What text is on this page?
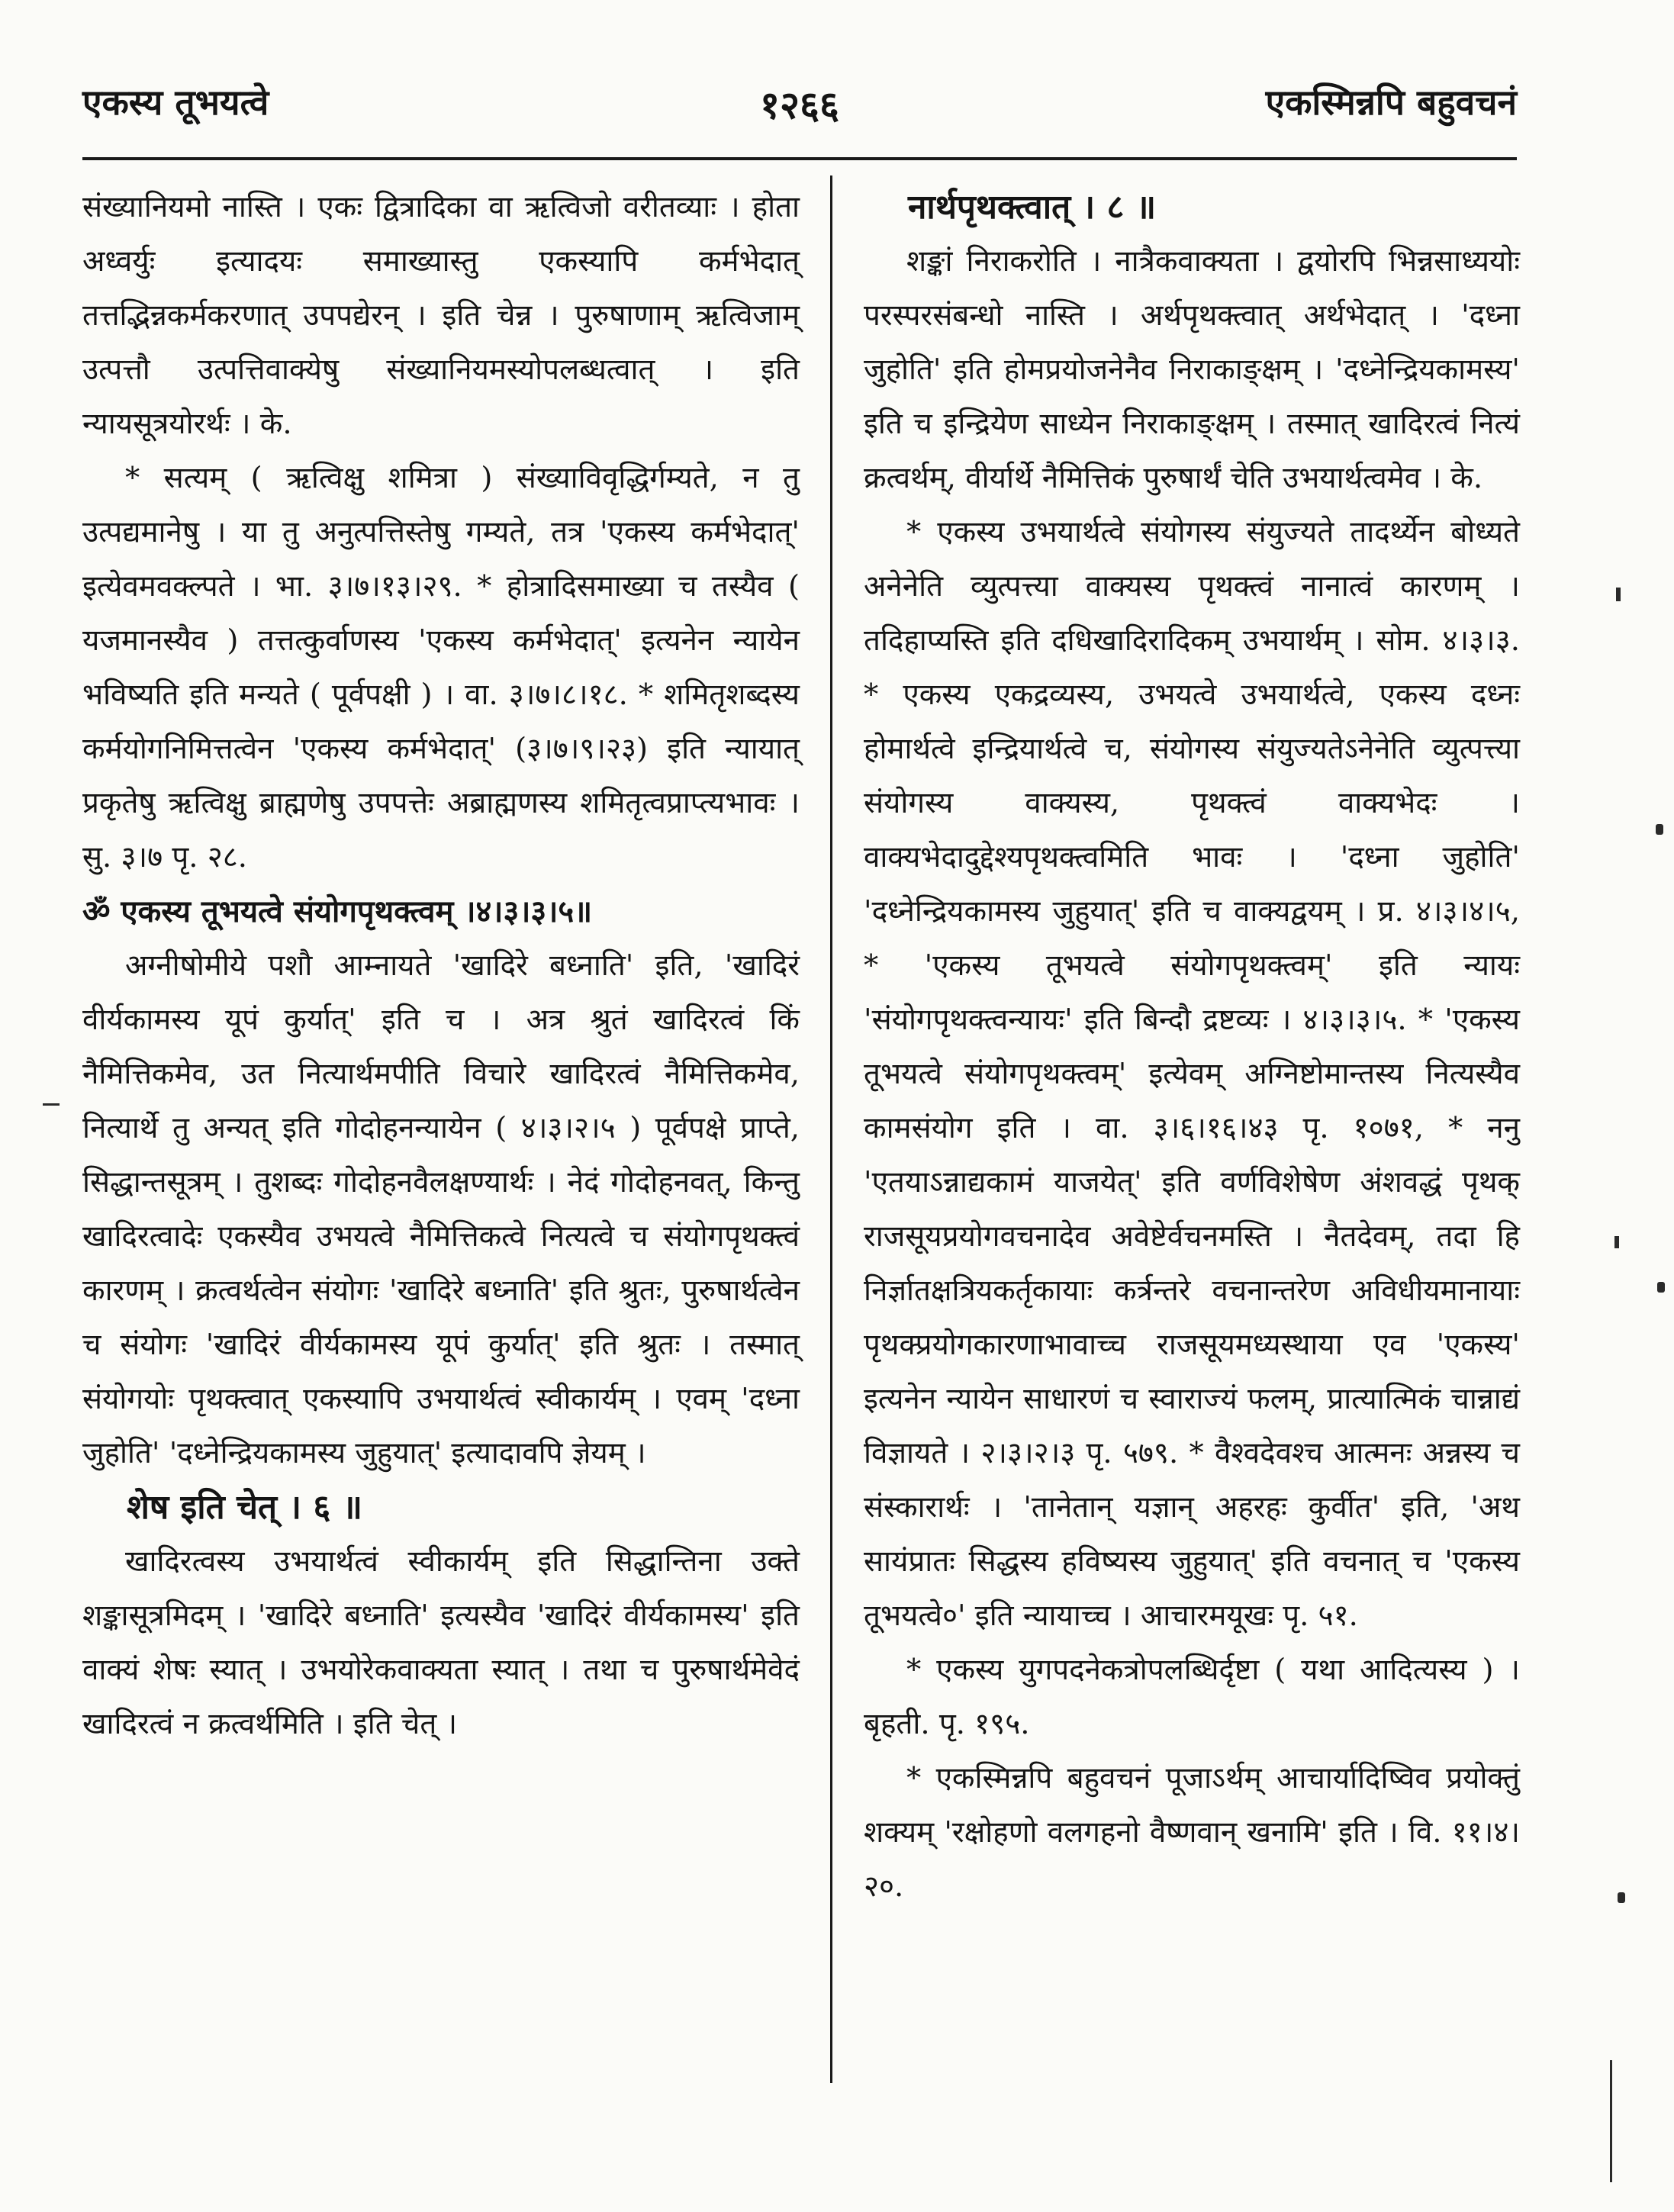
एकस्य तूभयत्वे	१२६६	एकस्मिन्नपि बहुवचनं

संख्यानियमो नास्ति । एकः द्वित्रादिका वा ऋत्विजो वरीतव्याः । होता अध्वर्युः इत्यादयः समाख्यास्तु एकस्यापि कर्मभेदात् तत्तद्भिन्नकर्मकरणात् उपपद्येरन् । इति चेन्न । पुरुषाणाम् ऋत्विजाम् उत्पत्तौ उत्पत्तिवाक्येषु संख्यानियमस्योपलब्धत्वात् । इति न्यायसूत्रयोरर्थः । के.

* सत्यम् ( ऋत्विक्षु शमित्रा ) संख्याविवृद्धिर्गम्यते, न तु उत्पद्यमानेषु । या तु अनुत्पत्तिस्तेषु गम्यते, तत्र 'एकस्य कर्मभेदात्' इत्येवमवक्ल्पते । भा. ३।७।१३।२९. * होत्रादिसमाख्या च तस्यैव ( यजमानस्यैव ) तत्तत्कुर्वाणस्य 'एकस्य कर्मभेदात्' इत्यनेन न्यायेन भविष्यति इति मन्यते ( पूर्वपक्षी ) । वा. ३।७।८।१८. * शमितृशब्दस्य कर्मयोगनिमित्तत्वेन 'एकस्य कर्मभेदात्' (३।७।९।२३) इति न्यायात् प्रकृतेषु ऋत्विक्षु ब्राह्मणेषु उपपत्तेः अब्राह्मणस्य शमितृत्वप्राप्त्यभावः । सु. ३।७ पृ. २८.

ॐ एकस्य तूभयत्वे संयोगपृथक्त्वम् ।४।३।३।५॥

अग्नीषोमीये पशौ आम्नायते 'खादिरे बध्नाति' इति, 'खादिरं वीर्यकामस्य यूपं कुर्यात्' इति च । अत्र श्रुतं खादिरत्वं किं नैमित्तिकमेव, उत नित्यार्थमपीति विचारे खादिरत्वं नैमित्तिकमेव, नित्यार्थे तु अन्यत् इति गोदोहनन्यायेन ( ४।३।२।५ ) पूर्वपक्षे प्राप्ते, सिद्धान्तसूत्रम् । तुशब्दः गोदोहनवैलक्षण्यार्थः । नेदं गोदोहनवत्, किन्तु खादिरत्वादेः एकस्यैव उभयत्वे नैमित्तिकत्वे नित्यत्वे च संयोगपृथक्त्वं कारणम् । क्रत्वर्थत्वेन संयोगः 'खादिरे बध्नाति' इति श्रुतः, पुरुषार्थत्वेन च संयोगः 'खादिरं वीर्यकामस्य यूपं कुर्यात्' इति श्रुतः । तस्मात् संयोगयोः पृथक्त्वात् एकस्यापि उभयार्थत्वं स्वीकार्यम् । एवम् 'दध्ना जुहोति' 'दध्नेन्द्रियकामस्य जुहुयात्' इत्यादावपि ज्ञेयम् ।

शेष इति चेत् । ६ ॥

खादिरत्वस्य उभयार्थत्वं स्वीकार्यम् इति सिद्धान्तिना उक्ते शङ्कासूत्रमिदम् । 'खादिरे बध्नाति' इत्यस्यैव 'खादिरं वीर्यकामस्य' इति वाक्यं शेषः स्यात् । उभयोरेकवाक्यता स्यात् । तथा च पुरुषार्थमेवेदं खादिरत्वं न क्रत्वर्थमिति । इति चेत् ।

नार्थपृथक्त्वात् । ८ ॥

शङ्कां निराकरोति । नात्रैकवाक्यता । द्वयोरपि भिन्नसाध्ययोः परस्परसंबन्धो नास्ति । अर्थपृथक्त्वात् अर्थभेदात् । 'दध्ना जुहोति' इति होमप्रयोजनेनैव निराकाङ्क्षम् । 'दध्नेन्द्रियकामस्य' इति च इन्द्रियेण साध्येन निराकाङ्क्षम् । तस्मात् खादिरत्वं नित्यं क्रत्वर्थम्, वीर्यार्थे नैमित्तिकं पुरुषार्थं चेति उभयार्थत्वमेव । के.

* एकस्य उभयार्थत्वे संयोगस्य संयुज्यते तादर्थ्येन बोध्यते अनेनेति व्युत्पत्त्या वाक्यस्य पृथक्त्वं नानात्वं कारणम् । तदिहाप्यस्ति इति दधिखादिरादिकम् उभयार्थम् । सोम. ४।३।३. * एकस्य एकद्रव्यस्य, उभयत्वे उभयार्थत्वे, एकस्य दध्नः होमार्थत्वे इन्द्रियार्थत्वे च, संयोगस्य संयुज्यतेऽनेनेति व्युत्पत्त्या संयोगस्य वाक्यस्य, पृथक्त्वं वाक्यभेदः । वाक्यभेदादुद्देश्यपृथक्त्वमिति भावः । 'दध्ना जुहोति' 'दध्नेन्द्रियकामस्य जुहुयात्' इति च वाक्यद्वयम् । प्र. ४।३।४।५, * 'एकस्य तूभयत्वे संयोगपृथक्त्वम्' इति न्यायः 'संयोगपृथक्त्वन्यायः' इति बिन्दौ द्रष्टव्यः । ४।३।३।५. * 'एकस्य तूभयत्वे संयोगपृथक्त्वम्' इत्येवम् अग्निष्टोमान्तस्य नित्यस्यैव कामसंयोग इति । वा. ३।६।१६।४३ पृ. १०७१, * ननु 'एतयाऽन्नाद्यकामं याजयेत्' इति वर्णविशेषेण अंशवद्धं पृथक् राजसूयप्रयोगवचनादेव अवेष्टेर्वचनमस्ति । नैतदेवम्, तदा हि निर्ज्ञातक्षत्रियकर्तृकायाः कर्त्रन्तरे वचनान्तरेण अविधीयमानायाः पृथक्प्रयोगकारणाभावाच्च राजसूयमध्यस्थाया एव 'एकस्य' इत्यनेन न्यायेन साधारणं च स्वाराज्यं फलम्, प्रात्यात्मिकं चान्नाद्यं विज्ञायते । २।३।२।३ पृ. ५७९. * वैश्वदेवश्च आत्मनः अन्नस्य च संस्कारार्थः । 'तानेतान् यज्ञान् अहरहः कुर्वीत' इति, 'अथ सायंप्रातः सिद्धस्य हविष्यस्य जुहुयात्' इति वचनात् च 'एकस्य तूभयत्वे०' इति न्यायाच्च । आचारमयूखः पृ. ५१.

* एकस्य युगपदनेकत्रोपलब्धिर्दृष्टा ( यथा आदित्यस्य ) । बृहती. पृ. १९५.

* एकस्मिन्नपि बहुवचनं पूजाऽर्थम् आचार्यादिष्विव प्रयोक्तुं शक्यम् 'रक्षोहणो वलगहनो वैष्णवान् खनामि' इति । वि. ११।४।२०.
